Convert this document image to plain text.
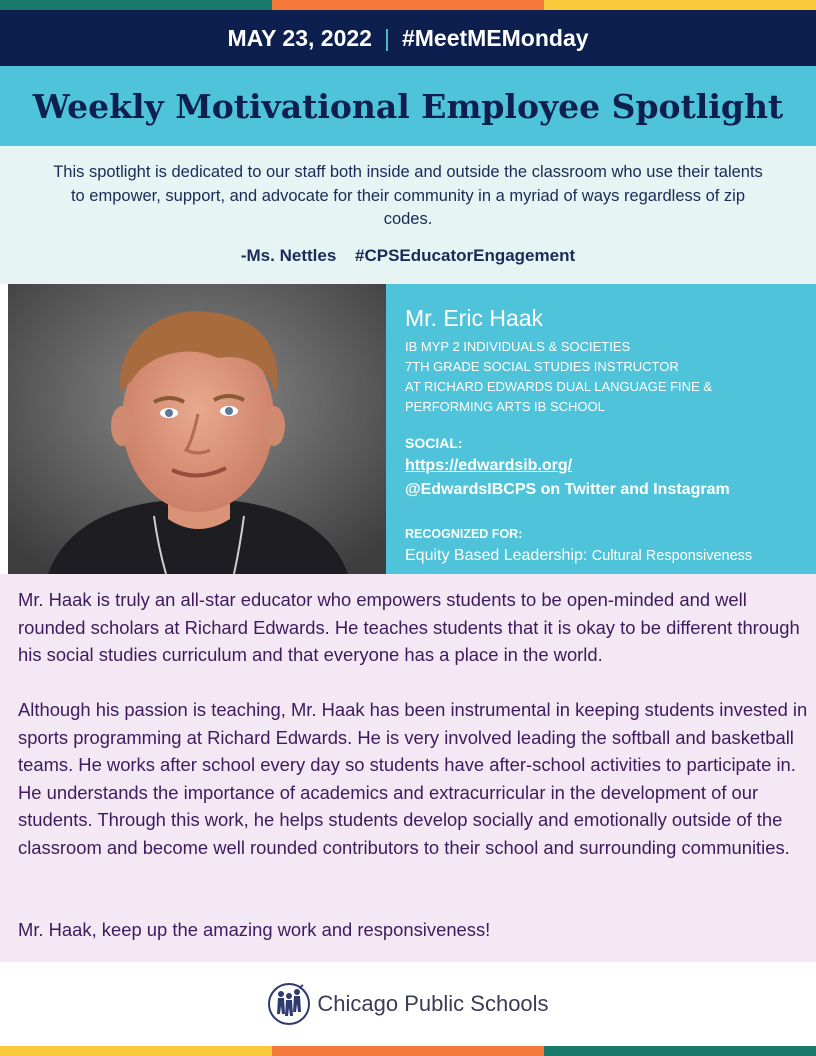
MAY 23, 2022 | #MeetMEMonday
Weekly Motivational Employee Spotlight

This spotlight is dedicated to our staff both inside and outside the classroom who use their talents to empower, support, and advocate for their community in a myriad of ways regardless of zip codes.

-Ms. Nettles #CPSEducatorEngagement

Mr. Eric Haak
IB MYP 2 INDIVIDUALS & SOCIETIES
7TH GRADE SOCIAL STUDIES INSTRUCTOR
AT RICHARD EDWARDS DUAL LANGUAGE FINE &
PERFORMING ARTS IB SCHOOL
SOCIAL:
https://edwardsib.org/
@EdwardsIBCPS on Twitter and Instagram
RECOGNIZED FOR:
Equity Based Leadership: Cultural Responsiveness

Mr. Haak is truly an all-star educator who empowers students to be open-minded and well rounded scholars at Richard Edwards. He teaches students that it is okay to be different through his social studies curriculum and that everyone has a place in the world.

Although his passion is teaching, Mr. Haak has been instrumental in keeping students invested in sports programming at Richard Edwards. He is very involved leading the softball and basketball teams. He works after school every day so students have after-school activities to participate in. He understands the importance of academics and extracurricular in the development of our students. Through this work, he helps students develop socially and emotionally outside of the classroom and become well rounded contributors to their school and surrounding communities.

Mr. Haak, keep up the amazing work and responsiveness!

Chicago Public Schools
